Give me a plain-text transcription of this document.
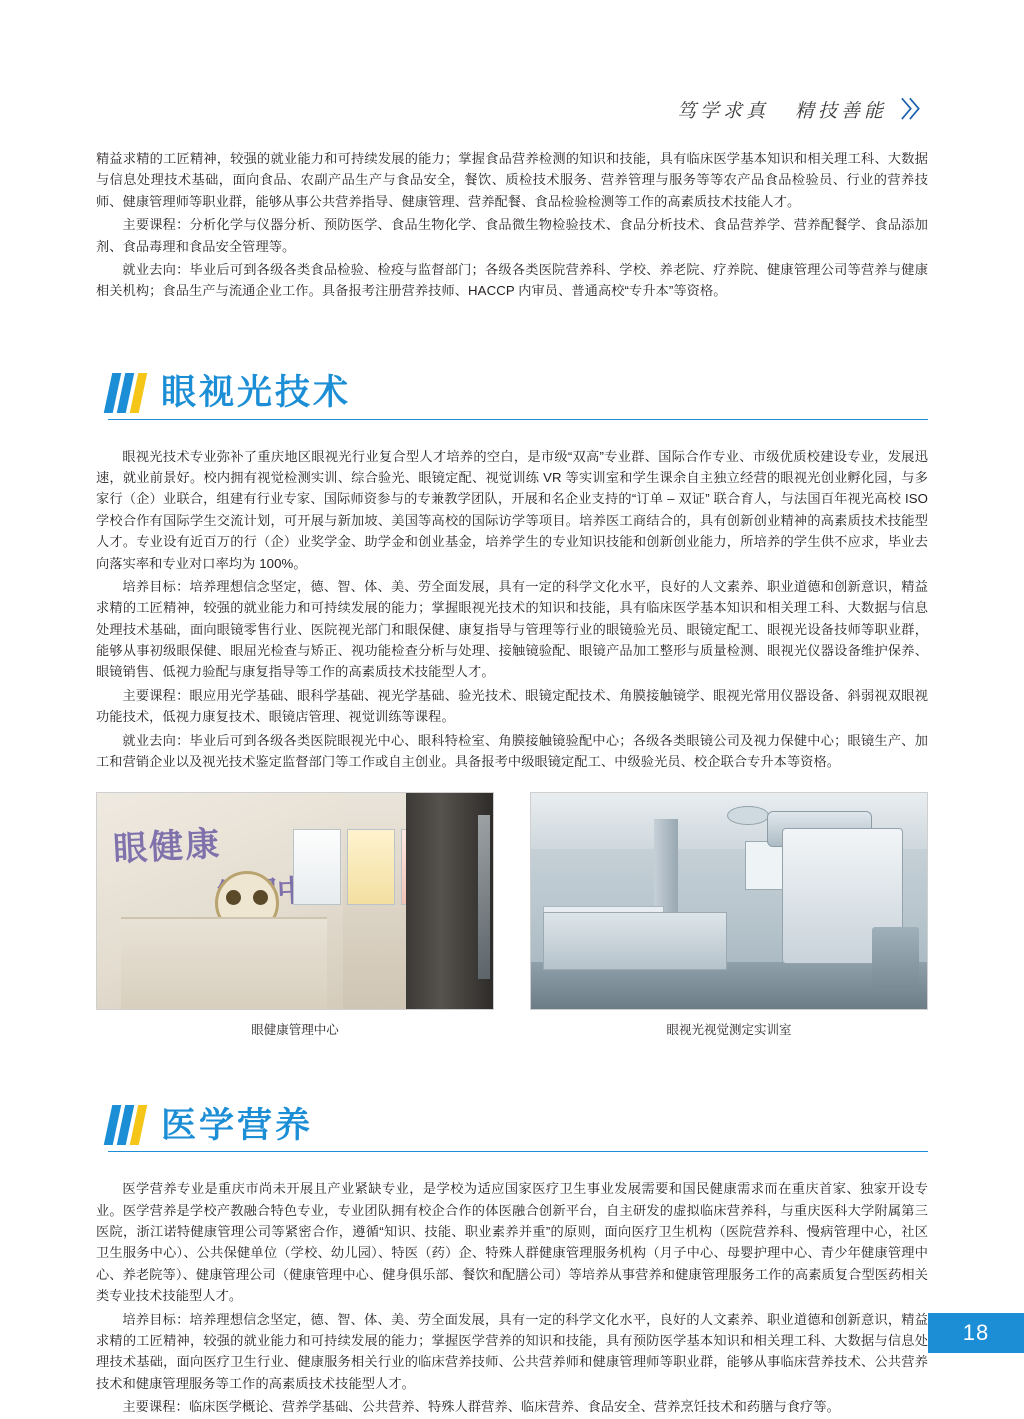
笃学求真 精技善能 〉〉

精益求精的工匠精神，较强的就业能力和可持续发展的能力；掌握食品营养检测的知识和技能，具有临床医学基本知识和相关理工科、大数据与信息处理技术基础，面向食品、农副产品生产与食品安全，餐饮、质检技术服务、营养管理与服务等等农产品食品检验员、行业的营养技师、健康管理师等职业群，能够从事公共营养指导、健康管理、营养配餐、食品检验检测等工作的高素质技术技能人才。

主要课程：分析化学与仪器分析、预防医学、食品生物化学、食品微生物检验技术、食品分析技术、食品营养学、营养配餐学、食品添加剂、食品毒理和食品安全管理等。

就业去向：毕业后可到各级各类食品检验、检疫与监督部门；各级各类医院营养科、学校、养老院、疗养院、健康管理公司等营养与健康相关机构；食品生产与流通企业工作。具备报考注册营养技师、HACCP 内审员、普通高校“专升本”等资格。

眼视光技术

眼视光技术专业弥补了重庆地区眼视光行业复合型人才培养的空白，是市级“双高”专业群、国际合作专业、市级优质校建设专业，发展迅速，就业前景好。校内拥有视觉检测实训、综合验光、眼镜定配、视觉训练 VR 等实训室和学生课余自主独立经营的眼视光创业孵化园，与多家行（企）业联合，组建有行业专家、国际师资参与的专兼教学团队，开展和名企业支持的“订单 – 双证” 联合育人，与法国百年视光高校 ISO 学校合作有国际学生交流计划，可开展与新加坡、美国等高校的国际访学等项目。培养医工商结合的，具有创新创业精神的高素质技术技能型人才。专业设有近百万的行（企）业奖学金、助学金和创业基金，培养学生的专业知识技能和创新创业能力，所培养的学生供不应求，毕业去向落实率和专业对口率均为 100%。

培养目标：培养理想信念坚定，德、智、体、美、劳全面发展，具有一定的科学文化水平，良好的人文素养、职业道德和创新意识，精益求精的工匠精神，较强的就业能力和可持续发展的能力；掌握眼视光技术的知识和技能，具有临床医学基本知识和相关理工科、大数据与信息处理技术基础，面向眼镜零售行业、医院视光部门和眼保健、康复指导与管理等行业的眼镜验光员、眼镜定配工、眼视光设备技师等职业群，能够从事初级眼保健、眼屈光检查与矫正、视功能检查分析与处理、接触镜验配、眼镜产品加工整形与质量检测、眼视光仪器设备维护保养、眼镜销售、低视力验配与康复指导等工作的高素质技术技能型人才。

主要课程：眼应用光学基础、眼科学基础、视光学基础、验光技术、眼镜定配技术、角膜接触镜学、眼视光常用仪器设备、斜弱视双眼视功能技术，低视力康复技术、眼镜店管理、视觉训练等课程。

就业去向：毕业后可到各级各类医院眼视光中心、眼科特检室、角膜接触镜验配中心；各级各类眼镜公司及视力保健中心；眼镜生产、加工和营销企业以及视光技术鉴定监督部门等工作或自主创业。具备报考中级眼镜定配工、中级验光员、校企联合专升本等资格。

眼健康
眼健康管理中心	眼视光视觉测定实训室
医学营养

医学营养专业是重庆市尚未开展且产业紧缺专业，是学校为适应国家医疗卫生事业发展需要和国民健康需求而在重庆首家、独家开设专业。医学营养是学校产教融合特色专业，专业团队拥有校企合作的体医融合创新平台，自主研发的虚拟临床营养科，与重庆医科大学附属第三医院，浙江诺特健康管理公司等紧密合作，遵循“知识、技能、职业素养并重”的原则，面向医疗卫生机构（医院营养科、慢病管理中心，社区卫生服务中心）、公共保健单位（学校、幼儿园）、特医（药）企、特殊人群健康管理服务机构（月子中心、母婴护理中心、青少年健康管理中心、养老院等）、健康管理公司（健康管理中心、健身俱乐部、餐饮和配膳公司）等培养从事营养和健康管理服务工作的高素质复合型医药相关类专业技术技能型人才。

培养目标：培养理想信念坚定，德、智、体、美、劳全面发展，具有一定的科学文化水平，良好的人文素养、职业道德和创新意识，精益求精的工匠精神，较强的就业能力和可持续发展的能力；掌握医学营养的知识和技能，具有预防医学基本知识和相关理工科、大数据与信息处理技术基础，面向医疗卫生行业、健康服务相关行业的临床营养技师、公共营养师和健康管理师等职业群，能够从事临床营养技术、公共营养技术和健康管理服务等工作的高素质技术技能型人才。

主要课程：临床医学概论、营养学基础、公共营养、特殊人群营养、临床营养、食品安全、营养烹饪技术和药膳与食疗等。

18
